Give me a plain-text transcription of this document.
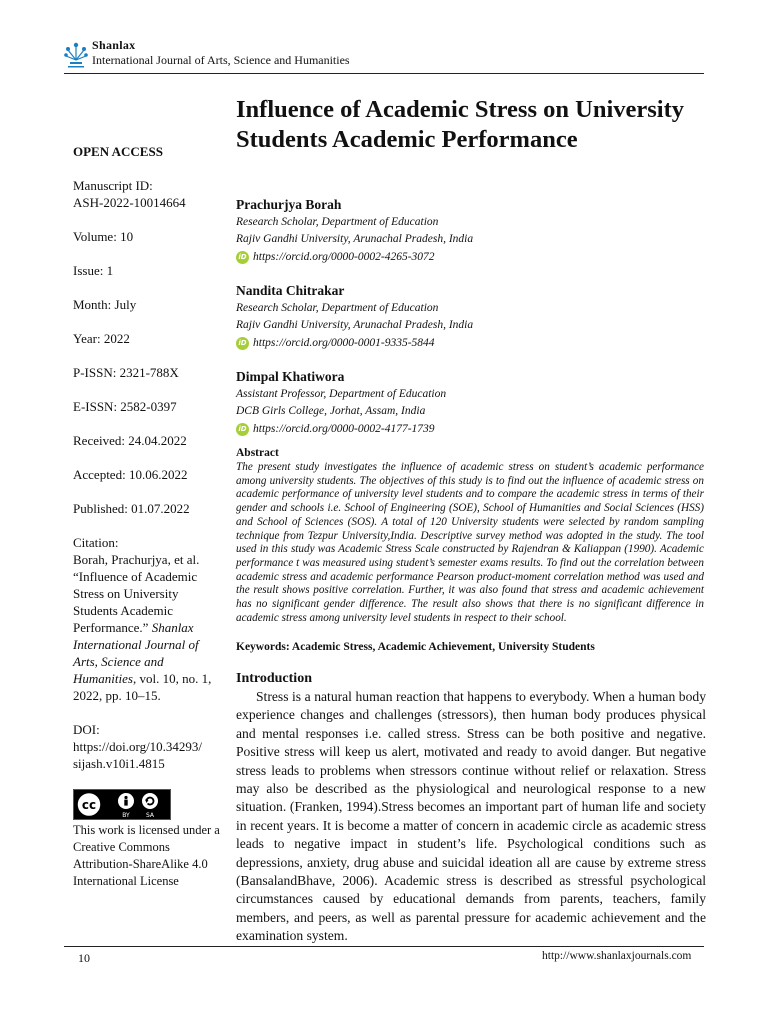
Shanlax
International Journal of Arts, Science and Humanities
OPEN ACCESS
Manuscript ID:
ASH-2022-10014664
Volume: 10
Issue: 1
Month: July
Year: 2022
P-ISSN: 2321-788X
E-ISSN: 2582-0397
Received: 24.04.2022
Accepted: 10.06.2022
Published: 01.07.2022
Citation:
Borah, Prachurjya, et al. “Influence of Academic Stress on University Students Academic Performance.” Shanlax International Journal of Arts, Science and Humanities, vol. 10, no. 1, 2022, pp. 10–15.
DOI:
https://doi.org/10.34293/
sijash.v10i1.4815
cc
BY	SA
This work is licensed under a Creative Commons Attribution-ShareAlike 4.0 International License
Influence of Academic Stress on University Students Academic Performance
Prachurjya Borah
Research Scholar, Department of Education
Rajiv Gandhi University, Arunachal Pradesh, India
iD https://orcid.org/0000-0002-4265-3072
Nandita Chitrakar
Research Scholar, Department of Education
Rajiv Gandhi University, Arunachal Pradesh, India
iD https://orcid.org/0000-0001-9335-5844
Dimpal Khatiwora
Assistant Professor, Department of Education
DCB Girls College, Jorhat, Assam, India
iD https://orcid.org/0000-0002-4177-1739
Abstract
The present study investigates the influence of academic stress on student’s academic performance among university students. The objectives of this study is to find out the influence of academic stress on academic performance of university level students and to compare the academic stress in terms of their gender and schools i.e. School of Engineering (SOE), School of Humanities and Social Sciences (HSS) and School of Sciences (SOS). A total of 120 University students were selected by random sampling technique from Tezpur University,India. Descriptive survey method was adopted in the study. The tool used in this study was Academic Stress Scale constructed by Rajendran & Kaliappan (1990). Academic performance t was measured using student’s semester exams results. To find out the correlation between academic stress and academic performance Pearson product-moment correlation method was used and the result shows positive correlation. Further, it was also found that stress and academic achievement has no significant gender difference. The result also shows that there is no significant difference in academic stress among university level students in respect to their school.
Keywords: Academic Stress, Academic Achievement, University Students
Introduction
Stress is a natural human reaction that happens to everybody. When a human body experience changes and challenges (stressors), then human body produces physical and mental responses i.e. called stress. Stress can be both positive and negative. Positive stress will keep us alert, motivated and ready to avoid danger. But negative stress leads to problems when stressors continue without relief or relaxation. Stress may also be described as the physiological and neurological response to a new situation. (Franken, 1994).Stress becomes an important part of human life and society in recent years. It is become a matter of concern in academic circle as academic stress leads to negative impact in student’s life. Psychological conditions such as depressions, anxiety, drug abuse and suicidal ideation all are cause by extreme stress (BansalandBhave, 2006). Academic stress is described as stressful psychological circumstances caused by educational demands from parents, teachers, family members, and peers, as well as parental pressure for academic achievement and the examination system.
10	http://www.shanlaxjournals.com
